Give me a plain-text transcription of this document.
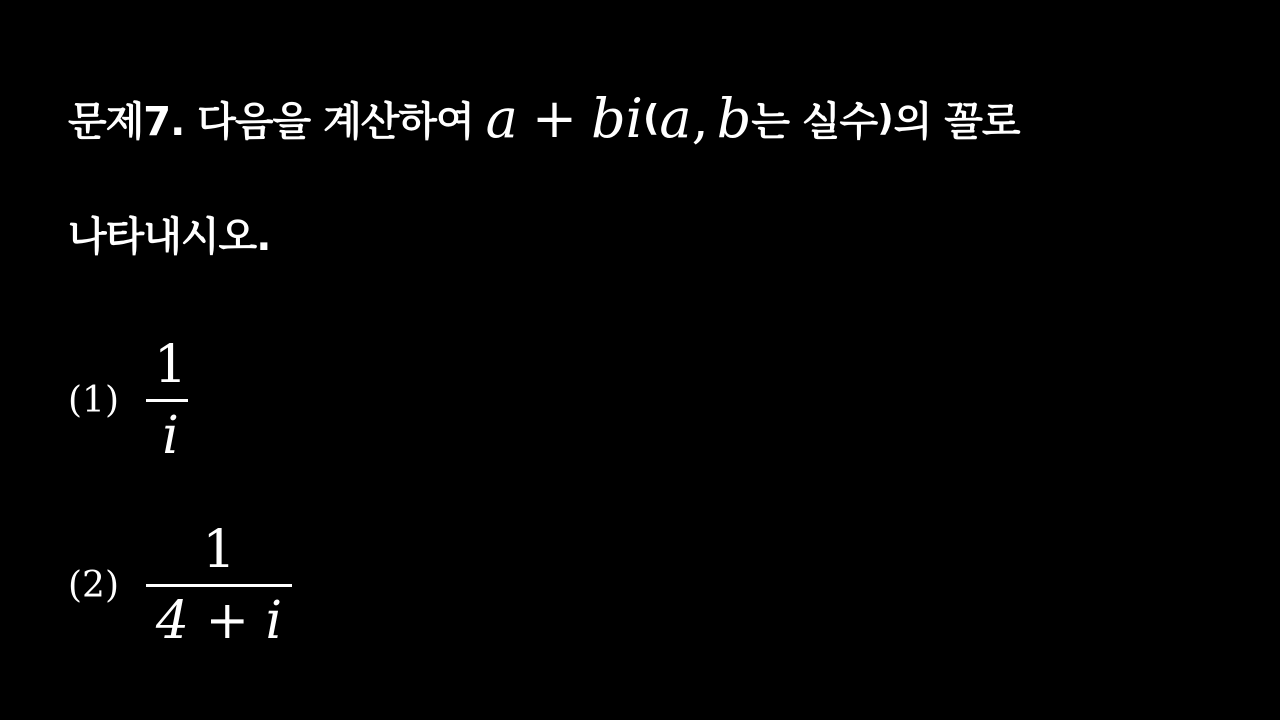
문제7. 다음을 계산하여 a + bi ( a , b 는 실수 ) 의 꼴로
나타내시오.
$(1) \frac{1}{i}$
$(2) \frac{1}{4 + i}$
